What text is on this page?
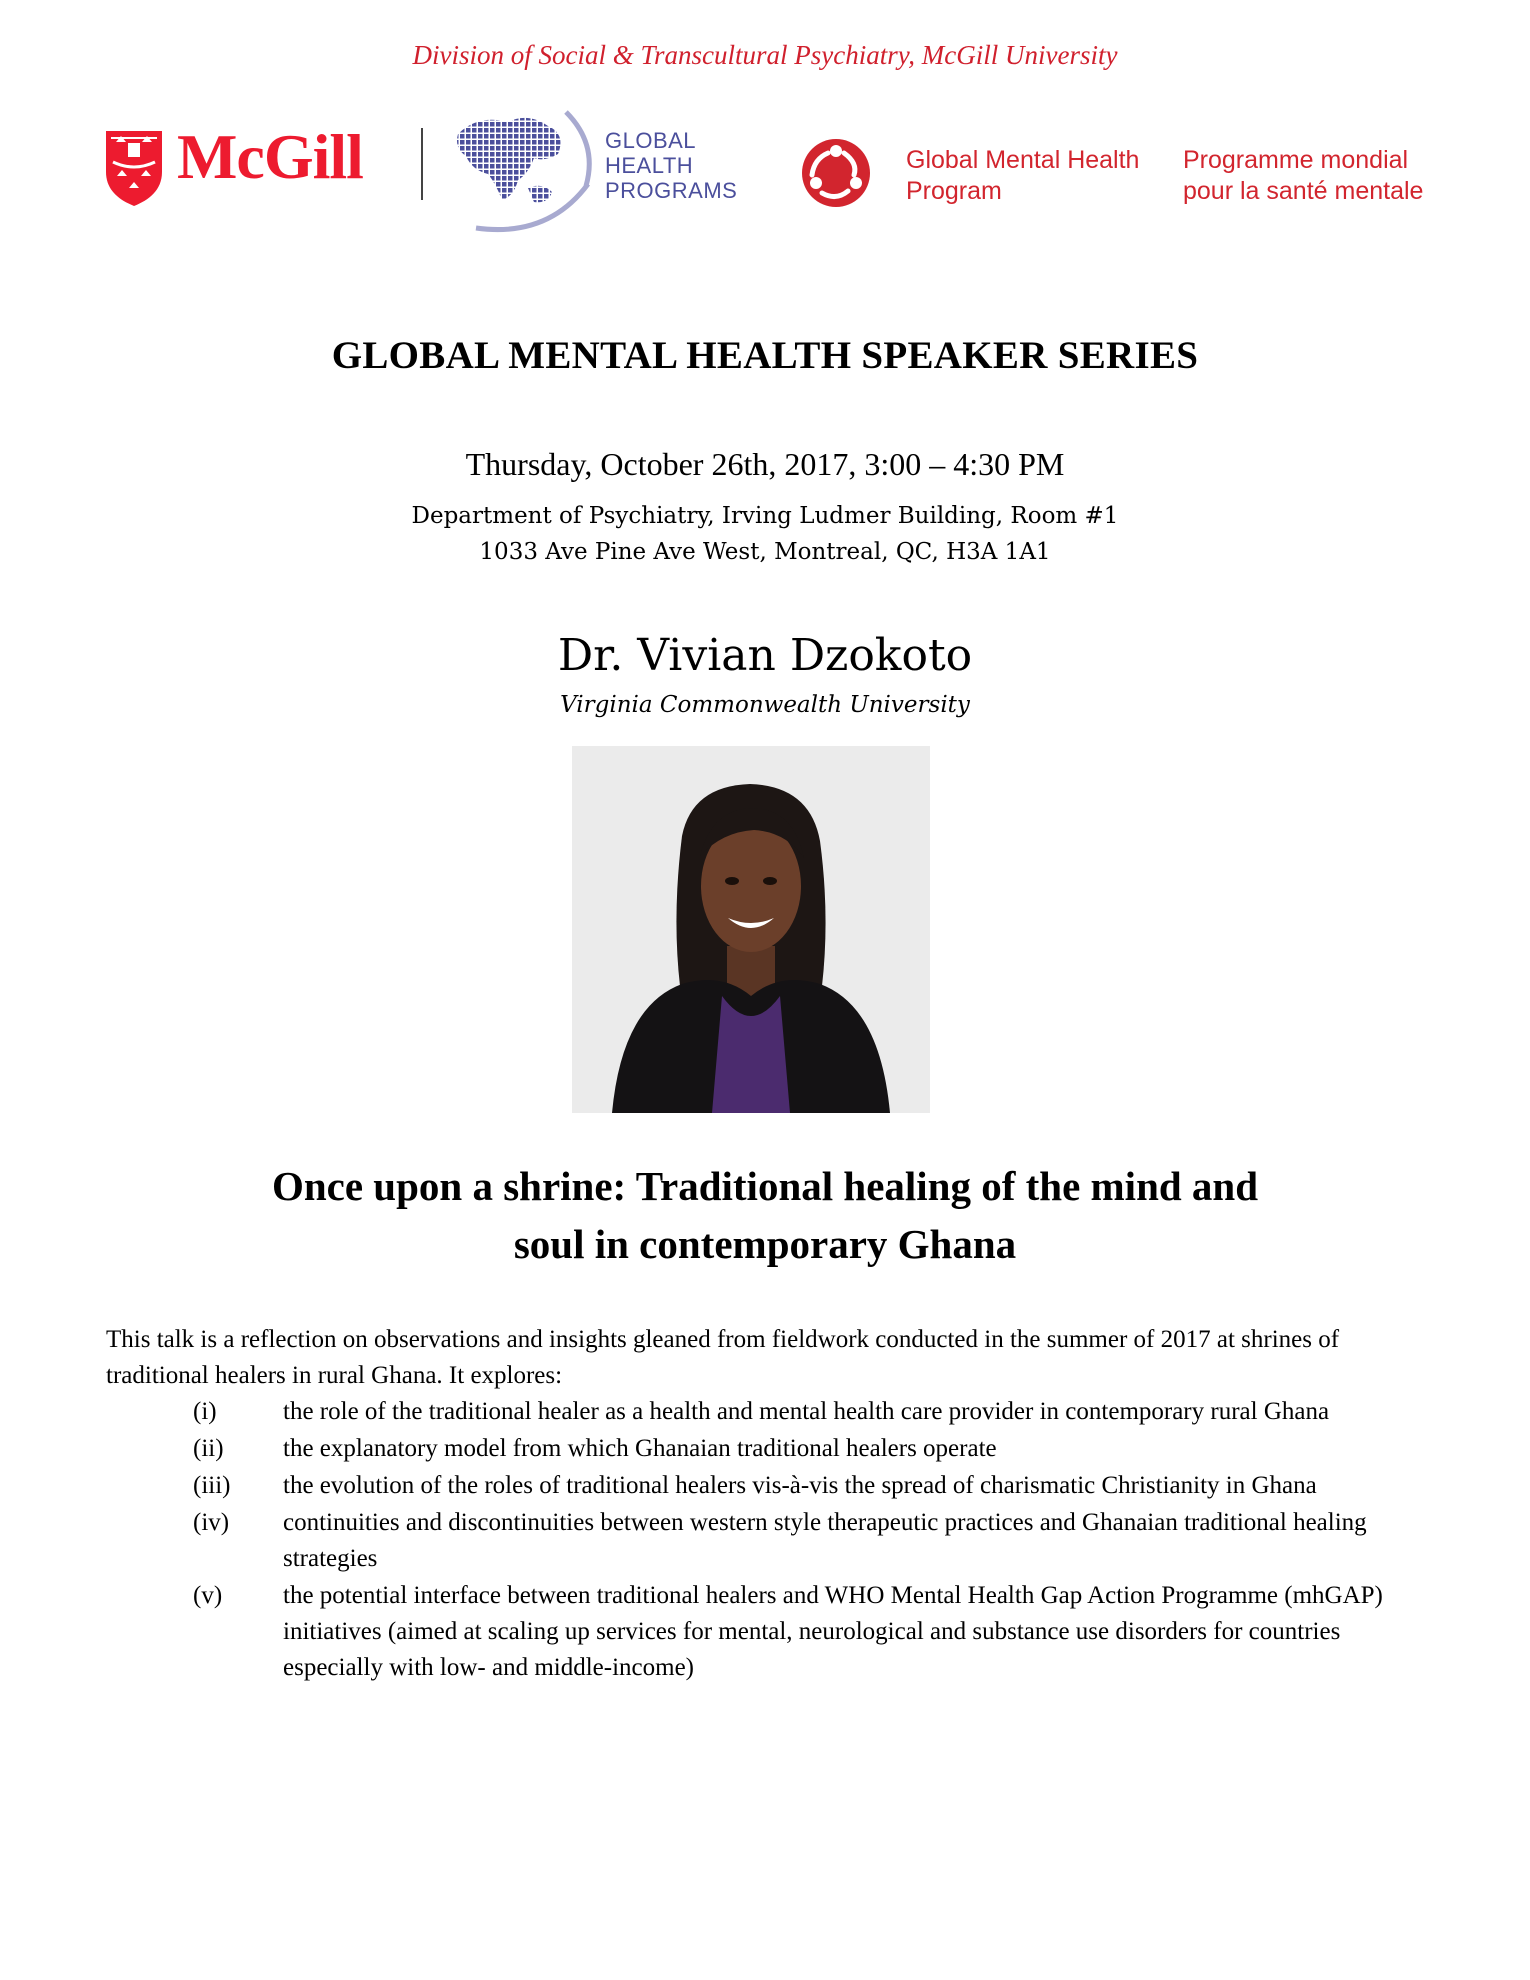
Division of Social & Transcultural Psychiatry, McGill University
McGill	GLOBAL
HEALTH
PROGRAMS
Global Mental Health
Program
Programme mondial
pour la santé mentale
GLOBAL MENTAL HEALTH SPEAKER SERIES
Thursday, October 26th, 2017, 3:00 – 4:30 PM
Department of Psychiatry, Irving Ludmer Building, Room #1
1033 Ave Pine Ave West, Montreal, QC, H3A 1A1
Dr. Vivian Dzokoto
Virginia Commonwealth University
Once upon a shrine: Traditional healing of the mind and
soul in contemporary Ghana

This talk is a reflection on observations and insights gleaned from fieldwork conducted in the summer of 2017 at shrines of traditional healers in rural Ghana. It explores:

(i)	the role of the traditional healer as a health and mental health care provider in contemporary rural Ghana
(ii) the explanatory model from which Ghanaian traditional healers operate
(iii) the evolution of the roles of traditional healers vis-à-vis the spread of charismatic Christianity in Ghana
(iv) continuities and discontinuities between western style therapeutic practices and Ghanaian traditional healing strategies
(v) the potential interface between traditional healers and WHO Mental Health Gap Action Programme (mhGAP) initiatives (aimed at scaling up services for mental, neurological and substance use disorders for countries especially with low- and middle-income)
